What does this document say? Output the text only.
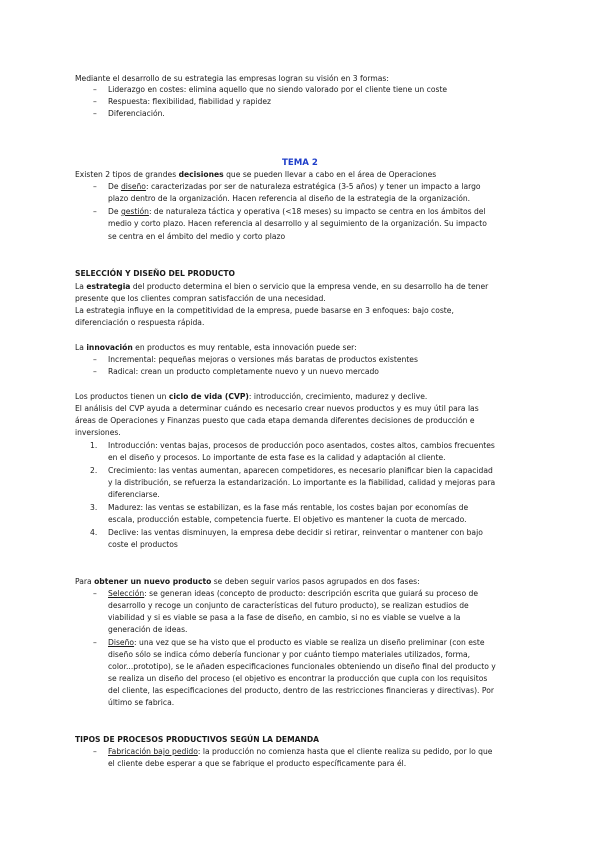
Mediante el desarrollo de su estrategia las empresas logran su visión en 3 formas:
– Liderazgo en costes: elimina aquello que no siendo valorado por el cliente tiene un coste
– Respuesta: flexibilidad, fiabilidad y rapidez
– Diferenciación.
TEMA 2
Existen 2 tipos de grandes decisiones que se pueden llevar a cabo en el área de Operaciones
– De diseño: caracterizadas por ser de naturaleza estratégica (3-5 años) y tener un impacto a largo
plazo dentro de la organización. Hacen referencia al diseño de la estrategia de la organización.
– De gestión: de naturaleza táctica y operativa (<18 meses) su impacto se centra en los ámbitos del
medio y corto plazo. Hacen referencia al desarrollo y al seguimiento de la organización. Su impacto
se centra en el ámbito del medio y corto plazo
SELECCIÓN Y DISEÑO DEL PRODUCTO
La estrategia del producto determina el bien o servicio que la empresa vende, en su desarrollo ha de tener
presente que los clientes compran satisfacción de una necesidad.
La estrategia influye en la competitividad de la empresa, puede basarse en 3 enfoques: bajo coste,
diferenciación o respuesta rápida.
La innovación en productos es muy rentable, esta innovación puede ser:
– Incremental: pequeñas mejoras o versiones más baratas de productos existentes
– Radical: crean un producto completamente nuevo y un nuevo mercado
Los productos tienen un ciclo de vida (CVP): introducción, crecimiento, madurez y declive.
El análisis del CVP ayuda a determinar cuándo es necesario crear nuevos productos y es muy útil para las
áreas de Operaciones y Finanzas puesto que cada etapa demanda diferentes decisiones de producción e
inversiones.
1. Introducción: ventas bajas, procesos de producción poco asentados, costes altos, cambios frecuentes
en el diseño y procesos. Lo importante de esta fase es la calidad y adaptación al cliente.
2. Crecimiento: las ventas aumentan, aparecen competidores, es necesario planificar bien la capacidad
y la distribución, se refuerza la estandarización. Lo importante es la fiabilidad, calidad y mejoras para
diferenciarse.
3. Madurez: las ventas se estabilizan, es la fase más rentable, los costes bajan por economías de
escala, producción estable, competencia fuerte. El objetivo es mantener la cuota de mercado.
4. Declive: las ventas disminuyen, la empresa debe decidir si retirar, reinventar o mantener con bajo
coste el productos
Para obtener un nuevo producto se deben seguir varios pasos agrupados en dos fases:
– Selección: se generan ideas (concepto de producto: descripción escrita que guiará su proceso de
desarrollo y recoge un conjunto de características del futuro producto), se realizan estudios de
viabilidad y si es viable se pasa a la fase de diseño, en cambio, si no es viable se vuelve a la
generación de ideas.
– Diseño: una vez que se ha visto que el producto es viable se realiza un diseño preliminar (con este
diseño sólo se indica cómo debería funcionar y por cuánto tiempo materiales utilizados, forma,
color...prototipo), se le añaden especificaciones funcionales obteniendo un diseño final del producto y
se realiza un diseño del proceso (el objetivo es encontrar la producción que cupla con los requisitos
del cliente, las especificaciones del producto, dentro de las restricciones financieras y directivas). Por
último se fabrica.
TIPOS DE PROCESOS PRODUCTIVOS SEGÚN LA DEMANDA
– Fabricación bajo pedido: la producción no comienza hasta que el cliente realiza su pedido, por lo que
el cliente debe esperar a que se fabrique el producto específicamente para él.
